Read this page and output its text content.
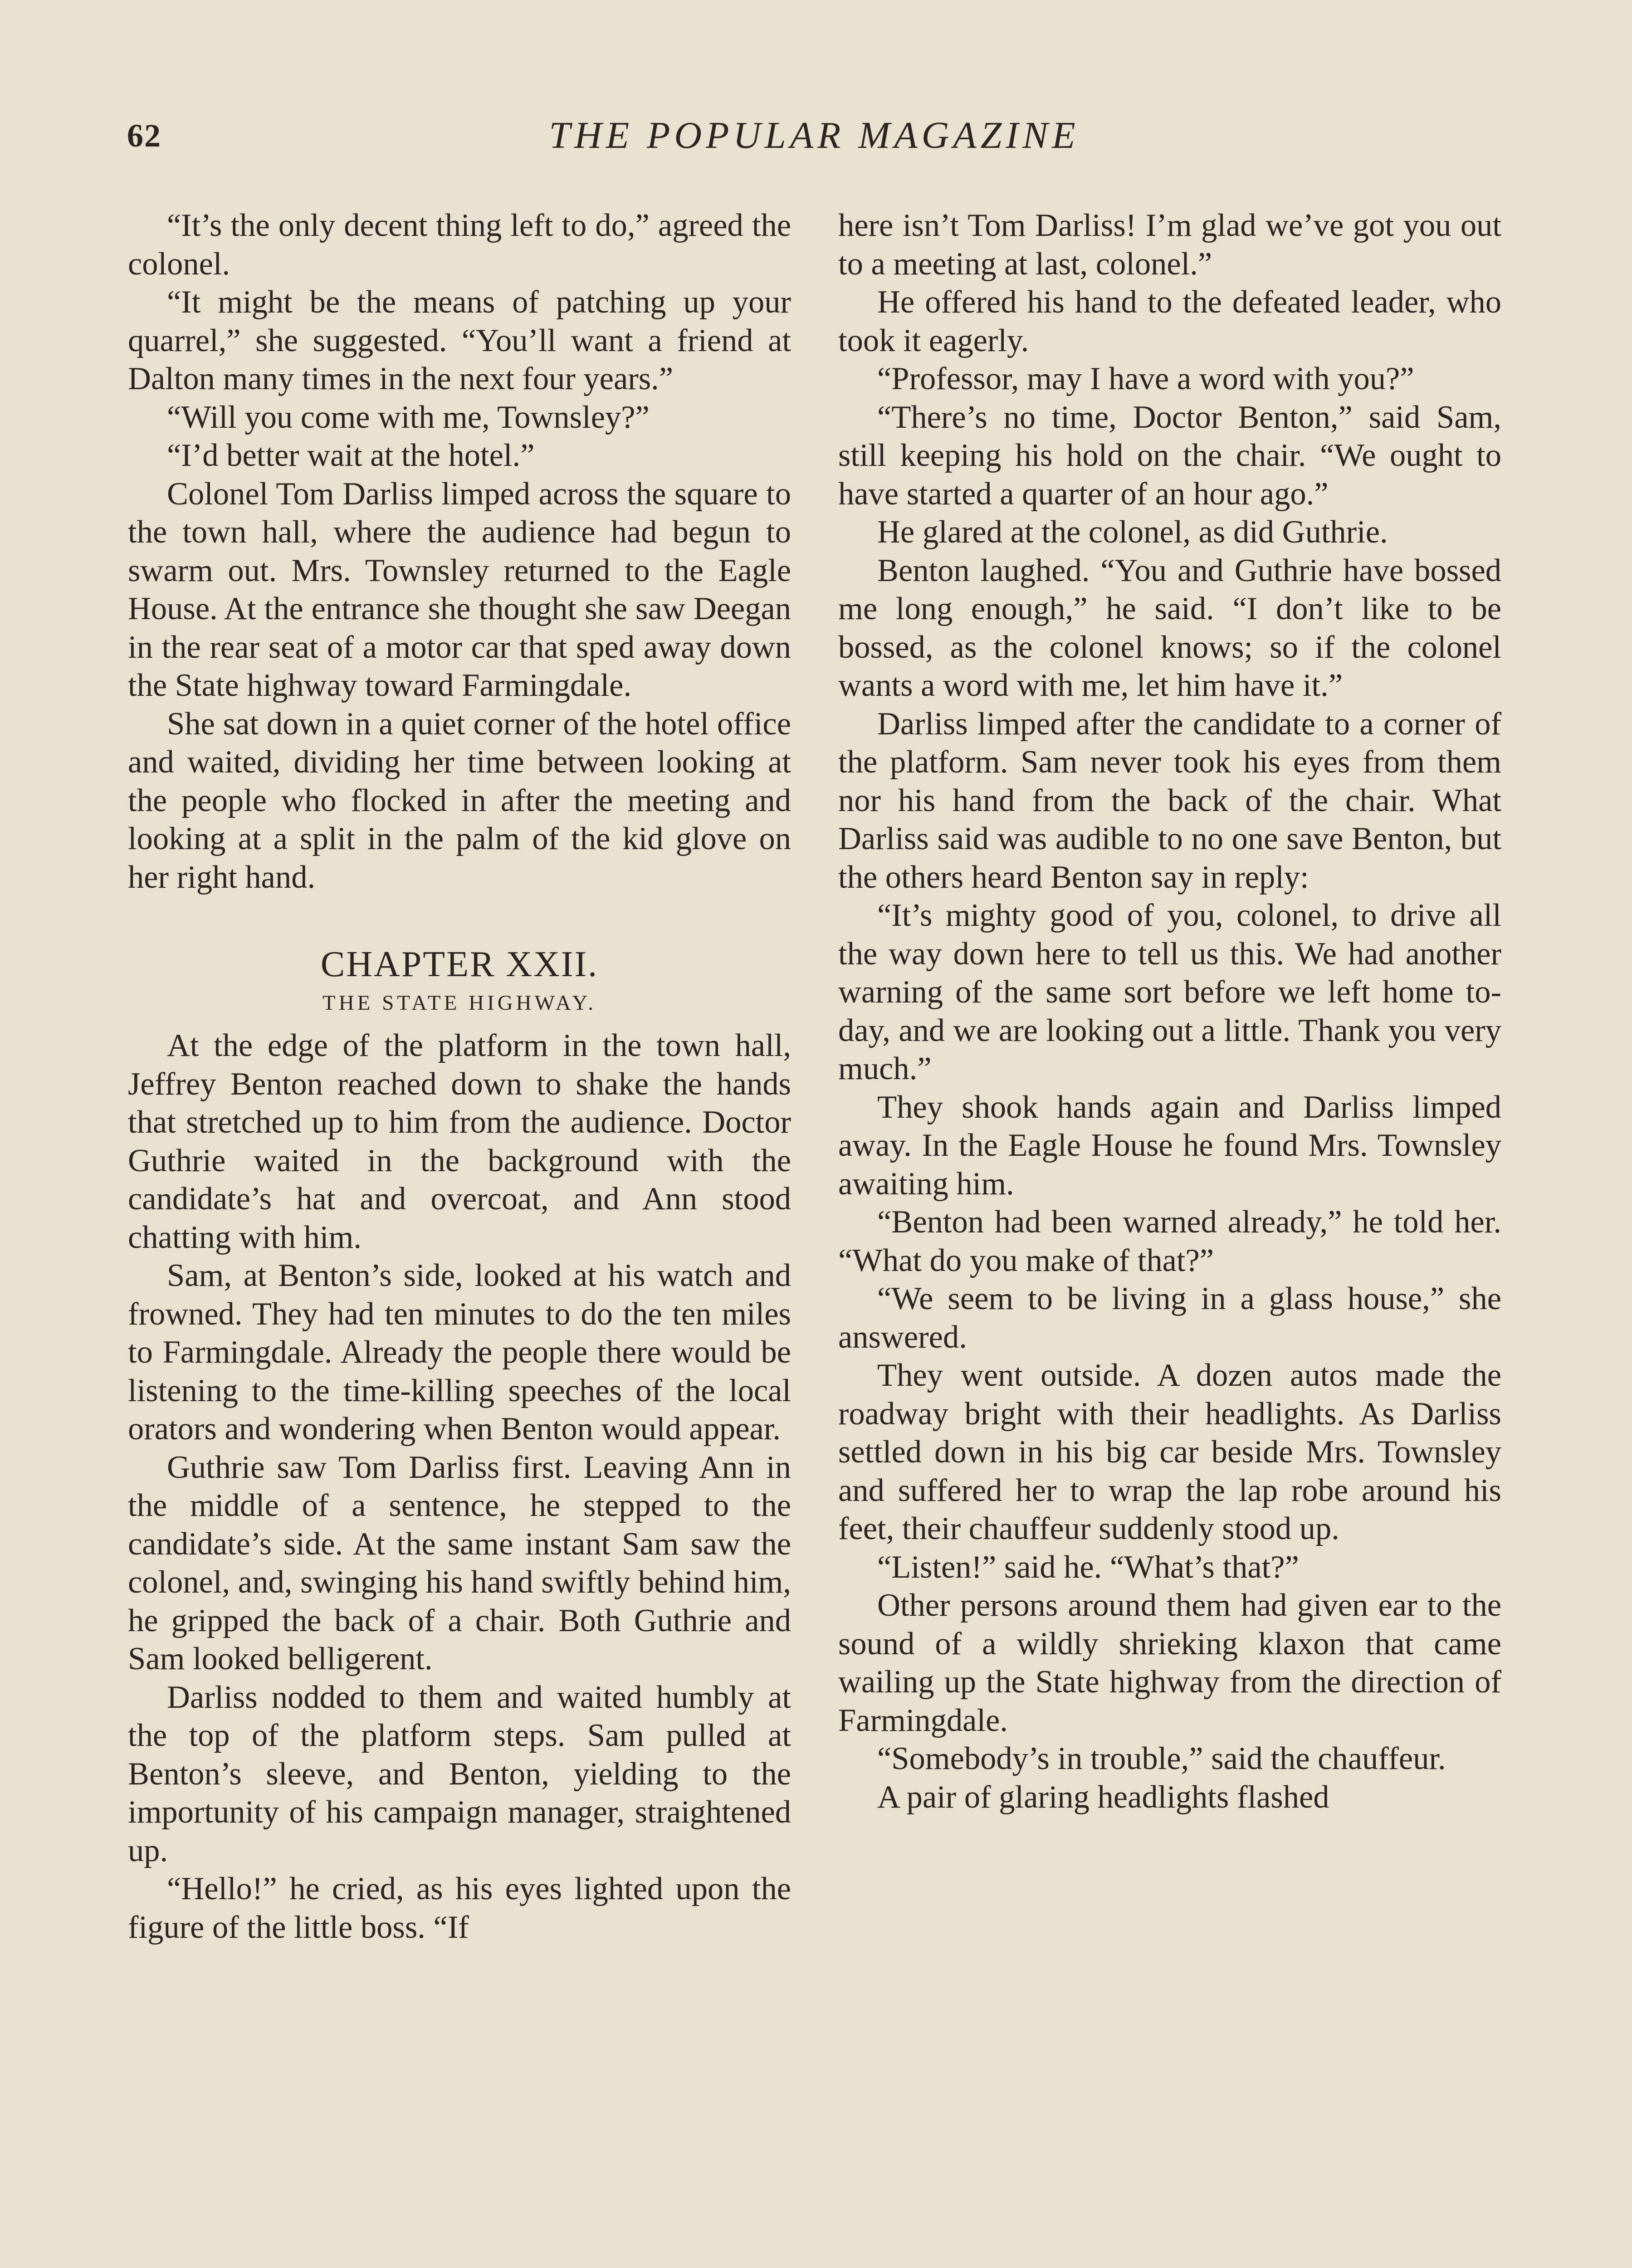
62	THE POPULAR MAGAZINE

“It’s the only decent thing left to do,” agreed the colonel.

“It might be the means of patching up your quarrel,” she suggested. “You’ll want a friend at Dalton many times in the next four years.”

“Will you come with me, Townsley?”

“I’d better wait at the hotel.”

Colonel Tom Darliss limped across the square to the town hall, where the audience had begun to swarm out. Mrs. Townsley returned to the Eagle House. At the entrance she thought she saw Deegan in the rear seat of a motor car that sped away down the State highway toward Farmingdale.

She sat down in a quiet corner of the hotel office and waited, dividing her time between looking at the people who flocked in after the meeting and looking at a split in the palm of the kid glove on her right hand.

CHAPTER XXII.
THE STATE HIGHWAY.

At the edge of the platform in the town hall, Jeffrey Benton reached down to shake the hands that stretched up to him from the audience. Doctor Guthrie waited in the background with the candidate’s hat and overcoat, and Ann stood chatting with him.

Sam, at Benton’s side, looked at his watch and frowned. They had ten minutes to do the ten miles to Farmingdale. Already the people there would be listening to the time-killing speeches of the local orators and wondering when Benton would appear.

Guthrie saw Tom Darliss first. Leaving Ann in the middle of a sentence, he stepped to the candidate’s side. At the same instant Sam saw the colonel, and, swinging his hand swiftly behind him, he gripped the back of a chair. Both Guthrie and Sam looked belligerent.

Darliss nodded to them and waited humbly at the top of the platform steps. Sam pulled at Benton’s sleeve, and Benton, yielding to the importunity of his campaign manager, straightened up.

“Hello!” he cried, as his eyes lighted upon the figure of the little boss. “If

here isn’t Tom Darliss! I’m glad we’ve got you out to a meeting at last, colonel.”

He offered his hand to the defeated leader, who took it eagerly.

“Professor, may I have a word with you?”

“There’s no time, Doctor Benton,” said Sam, still keeping his hold on the chair. “We ought to have started a quarter of an hour ago.”

He glared at the colonel, as did Guthrie.

Benton laughed. “You and Guthrie have bossed me long enough,” he said. “I don’t like to be bossed, as the colonel knows; so if the colonel wants a word with me, let him have it.”

Darliss limped after the candidate to a corner of the platform. Sam never took his eyes from them nor his hand from the back of the chair. What Darliss said was audible to no one save Benton, but the others heard Benton say in reply:

“It’s mighty good of you, colonel, to drive all the way down here to tell us this. We had another warning of the same sort before we left home to-day, and we are looking out a little. Thank you very much.”

They shook hands again and Darliss limped away. In the Eagle House he found Mrs. Townsley awaiting him.

“Benton had been warned already,” he told her. “What do you make of that?”

“We seem to be living in a glass house,” she answered.

They went outside. A dozen autos made the roadway bright with their headlights. As Darliss settled down in his big car beside Mrs. Townsley and suffered her to wrap the lap robe around his feet, their chauffeur suddenly stood up.

“Listen!” said he. “What’s that?”

Other persons around them had given ear to the sound of a wildly shrieking klaxon that came wailing up the State highway from the direction of Farmingdale.

“Somebody’s in trouble,” said the chauffeur.

A pair of glaring headlights flashed
